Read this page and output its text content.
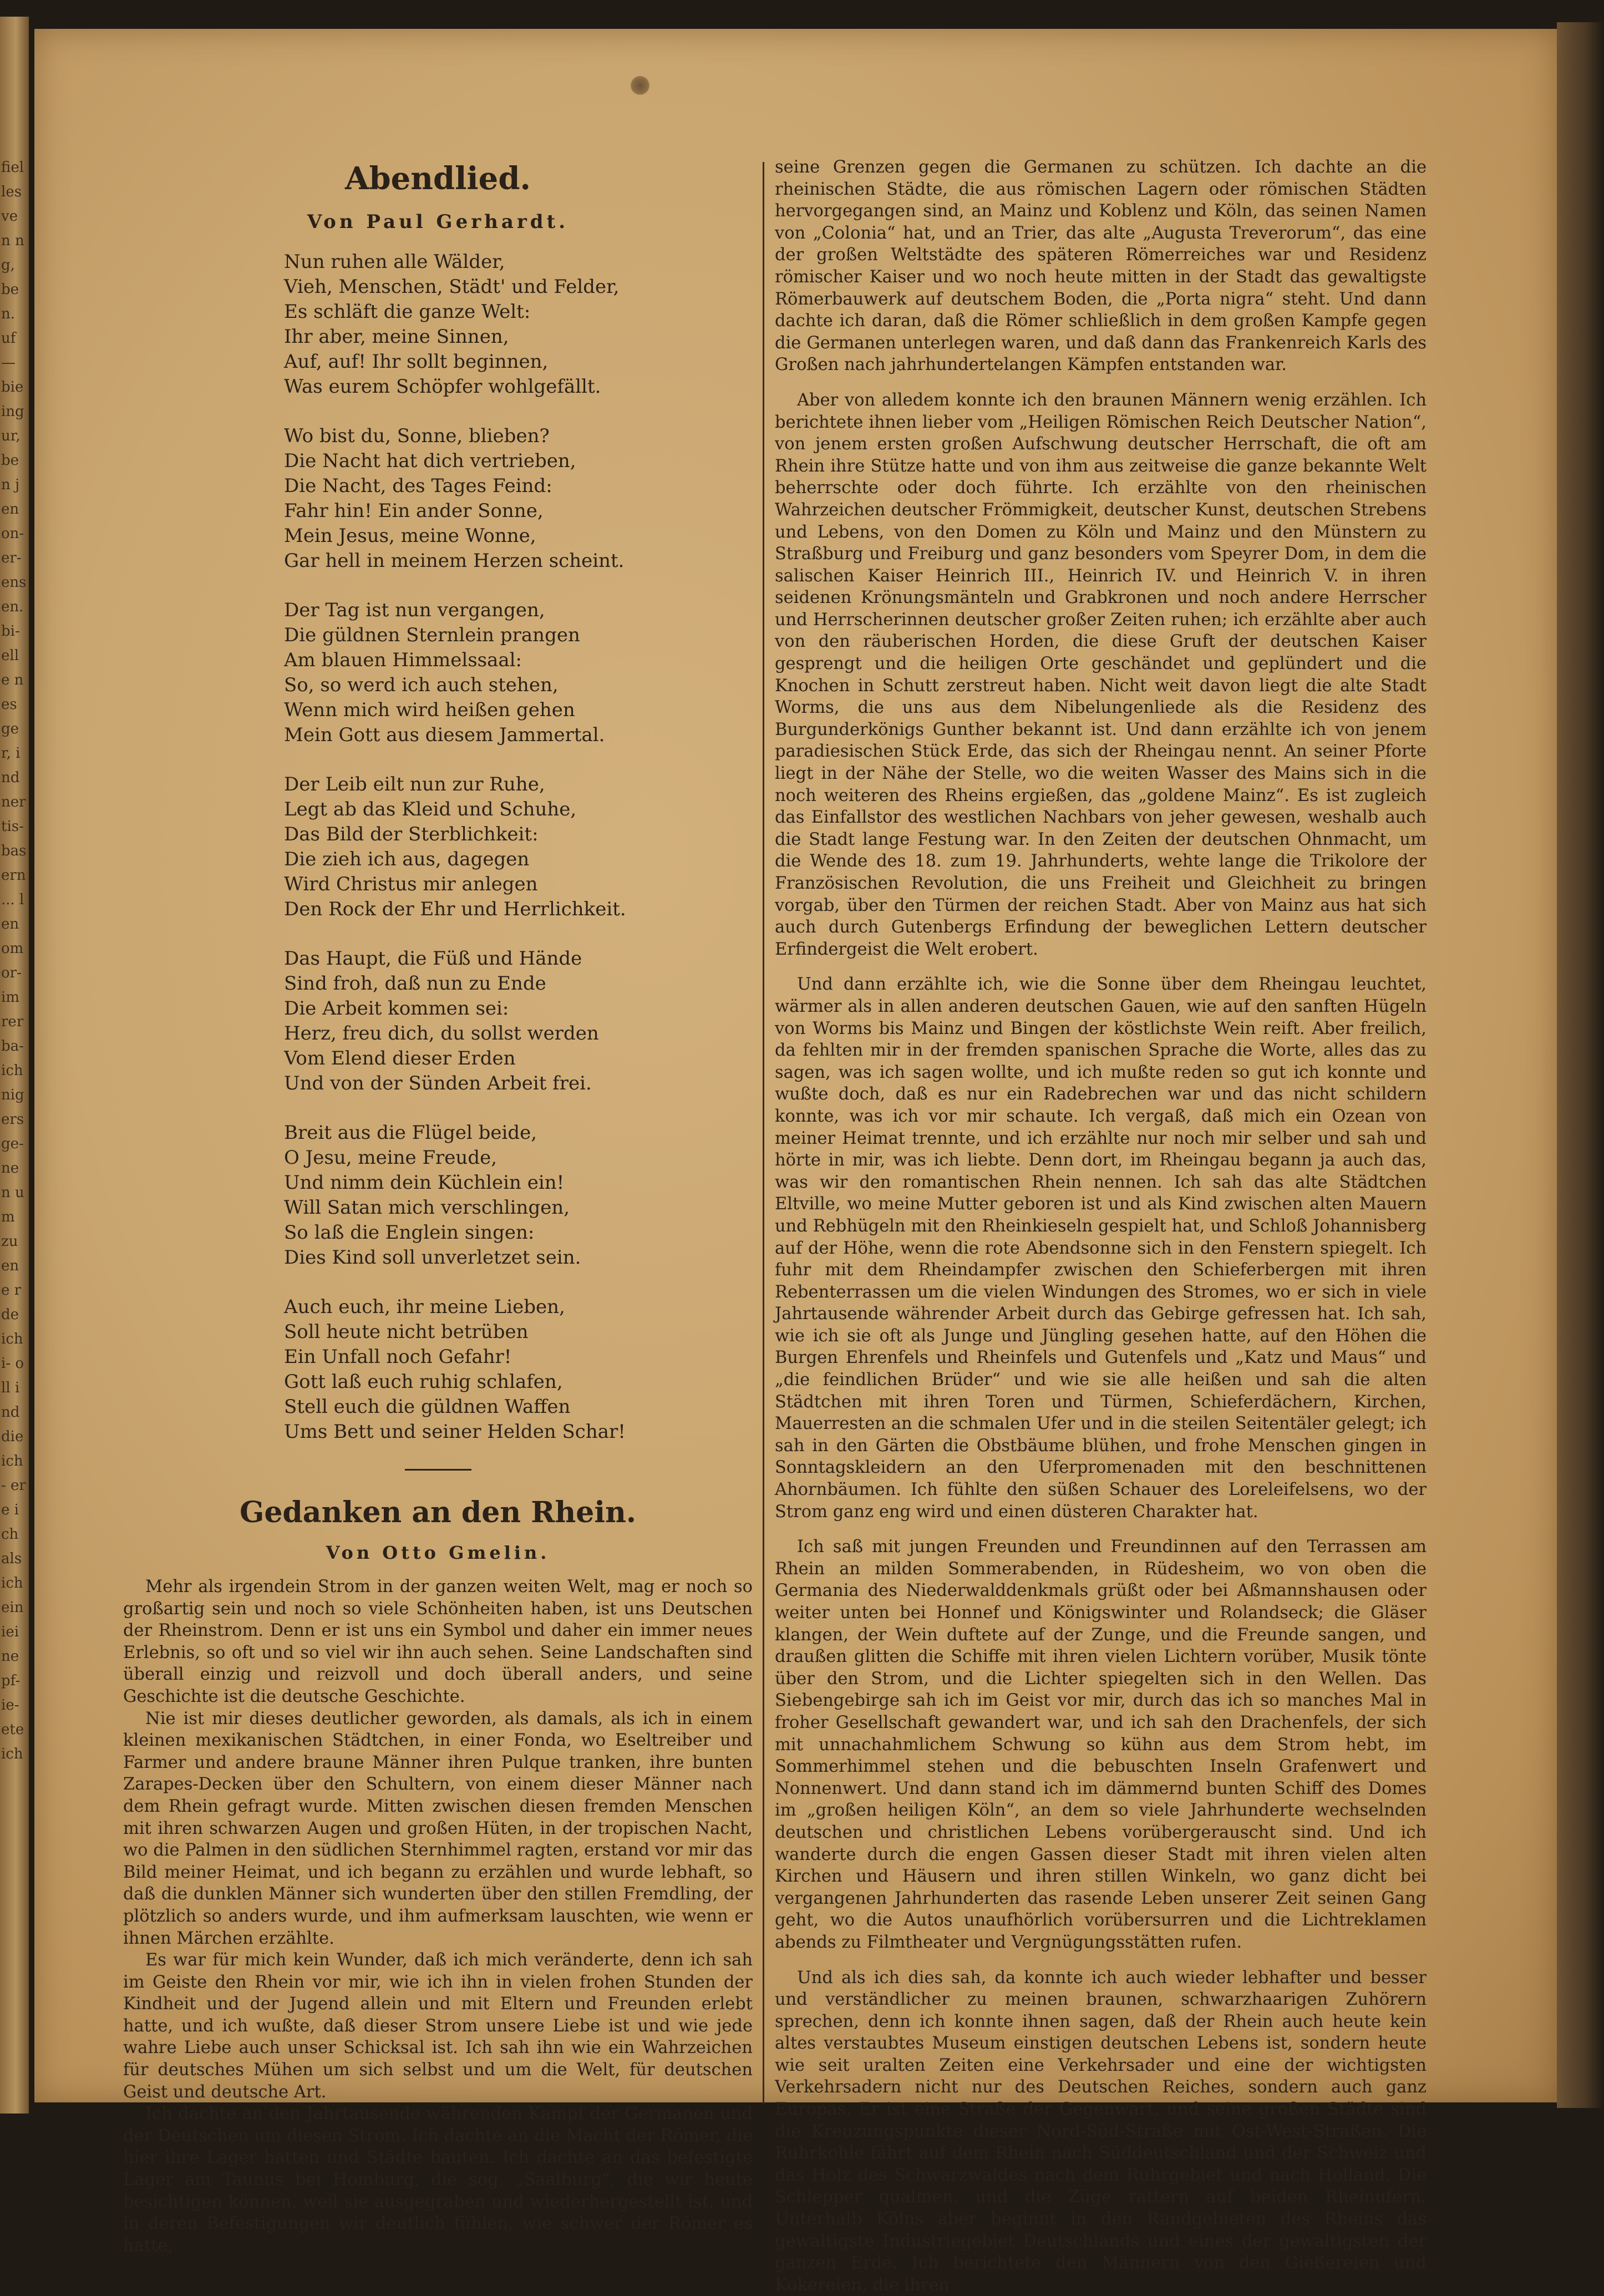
fiel les ven ng, ben. uf— bie ing ur, ben jen on- er- ens en. bi- elle nes ger, ind ner tis- bas ern ... len om or- im rer ba- ich nig ers ge- nen um zu ene rde ichi- oll ind die ich- ere ich als ich ein ieine pf- ie- ete ich
Abendlied.
Von Paul Gerhardt.
Nun ruhen alle Wälder,
Vieh, Menschen, Städt' und Felder,
Es schläft die ganze Welt:
Ihr aber, meine Sinnen,
Auf, auf! Ihr sollt beginnen,
Was eurem Schöpfer wohlgefällt.
Wo bist du, Sonne, blieben?
Die Nacht hat dich vertrieben,
Die Nacht, des Tages Feind:
Fahr hin! Ein ander Sonne,
Mein Jesus, meine Wonne,
Gar hell in meinem Herzen scheint.
Der Tag ist nun vergangen,
Die güldnen Sternlein prangen
Am blauen Himmelssaal:
So, so werd ich auch stehen,
Wenn mich wird heißen gehen
Mein Gott aus diesem Jammertal.
Der Leib eilt nun zur Ruhe,
Legt ab das Kleid und Schuhe,
Das Bild der Sterblichkeit:
Die zieh ich aus, dagegen
Wird Christus mir anlegen
Den Rock der Ehr und Herrlichkeit.
Das Haupt, die Füß und Hände
Sind froh, daß nun zu Ende
Die Arbeit kommen sei:
Herz, freu dich, du sollst werden
Vom Elend dieser Erden
Und von der Sünden Arbeit frei.
Breit aus die Flügel beide,
O Jesu, meine Freude,
Und nimm dein Küchlein ein!
Will Satan mich verschlingen,
So laß die Englein singen:
Dies Kind soll unverletzet sein.
Auch euch, ihr meine Lieben,
Soll heute nicht betrüben
Ein Unfall noch Gefahr!
Gott laß euch ruhig schlafen,
Stell euch die güldnen Waffen
Ums Bett und seiner Helden Schar!
Gedanken an den Rhein.
Von Otto Gmelin.

Mehr als irgendein Strom in der ganzen weiten Welt, mag er noch so großartig sein und noch so viele Schönheiten haben, ist uns Deutschen der Rheinstrom. Denn er ist uns ein Symbol und daher ein immer neues Erlebnis, so oft und so viel wir ihn auch sehen. Seine Landschaften sind überall einzig und reizvoll und doch überall anders, und seine Geschichte ist die deutsche Geschichte.

Nie ist mir dieses deutlicher geworden, als damals, als ich in einem kleinen mexikanischen Städtchen, in einer Fonda, wo Eseltreiber und Farmer und andere braune Männer ihren Pulque tranken, ihre bunten Zarapes-Decken über den Schultern, von einem dieser Männer nach dem Rhein gefragt wurde. Mitten zwischen diesen fremden Menschen mit ihren schwarzen Augen und großen Hüten, in der tropischen Nacht, wo die Palmen in den südlichen Sternhimmel ragten, erstand vor mir das Bild meiner Heimat, und ich begann zu erzählen und wurde lebhaft, so daß die dunklen Männer sich wunderten über den stillen Fremdling, der plötzlich so anders wurde, und ihm aufmerksam lauschten, wie wenn er ihnen Märchen erzählte.

Es war für mich kein Wunder, daß ich mich veränderte, denn ich sah im Geiste den Rhein vor mir, wie ich ihn in vielen frohen Stunden der Kindheit und der Jugend allein und mit Eltern und Freunden erlebt hatte, und ich wußte, daß dieser Strom unsere Liebe ist und wie jede wahre Liebe auch unser Schicksal ist. Ich sah ihn wie ein Wahrzeichen für deutsches Mühen um sich selbst und um die Welt, für deutschen Geist und deutsche Art.

Ich dachte an den Jahrtausende währenden Kampf der Germanen und der Deutschen um diesen Strom. Ich dachte an die Macht der Römer, die hier ihre Lager hatten und Städte bauten. Ich dachte an das befestigte Lager am Taunus bei Homburg, die sog. „Saalburg“, die wir heute besichtigen können, weil sie ausgegraben und wiederhergestellt ist, und in deren Befestigungen wir deutlich fühlen, wie schwer der Römer es hatte,

seine Grenzen gegen die Germanen zu schützen. Ich dachte an die rheinischen Städte, die aus römischen Lagern oder römischen Städten hervorgegangen sind, an Mainz und Koblenz und Köln, das seinen Namen von „Colonia“ hat, und an Trier, das alte „Augusta Treverorum“, das eine der großen Weltstädte des späteren Römerreiches war und Residenz römischer Kaiser und wo noch heute mitten in der Stadt das gewaltigste Römerbauwerk auf deutschem Boden, die „Porta nigra“ steht. Und dann dachte ich daran, daß die Römer schließlich in dem großen Kampfe gegen die Germanen unterlegen waren, und daß dann das Frankenreich Karls des Großen nach jahrhundertelangen Kämpfen entstanden war.

Aber von alledem konnte ich den braunen Männern wenig erzählen. Ich berichtete ihnen lieber vom „Heiligen Römischen Reich Deutscher Nation“, von jenem ersten großen Aufschwung deutscher Herrschaft, die oft am Rhein ihre Stütze hatte und von ihm aus zeitweise die ganze bekannte Welt beherrschte oder doch führte. Ich erzählte von den rheinischen Wahrzeichen deutscher Frömmigkeit, deutscher Kunst, deutschen Strebens und Lebens, von den Domen zu Köln und Mainz und den Münstern zu Straßburg und Freiburg und ganz besonders vom Speyrer Dom, in dem die salischen Kaiser Heinrich III., Heinrich IV. und Heinrich V. in ihren seidenen Krönungsmänteln und Grabkronen und noch andere Herrscher und Herrscherinnen deutscher großer Zeiten ruhen; ich erzählte aber auch von den räuberischen Horden, die diese Gruft der deutschen Kaiser gesprengt und die heiligen Orte geschändet und geplündert und die Knochen in Schutt zerstreut haben. Nicht weit davon liegt die alte Stadt Worms, die uns aus dem Nibelungenliede als die Residenz des Burgunderkönigs Gunther bekannt ist. Und dann erzählte ich von jenem paradiesischen Stück Erde, das sich der Rheingau nennt. An seiner Pforte liegt in der Nähe der Stelle, wo die weiten Wasser des Mains sich in die noch weiteren des Rheins ergießen, das „goldene Mainz“. Es ist zugleich das Einfallstor des westlichen Nachbars von jeher gewesen, weshalb auch die Stadt lange Festung war. In den Zeiten der deutschen Ohnmacht, um die Wende des 18. zum 19. Jahrhunderts, wehte lange die Trikolore der Französischen Revolution, die uns Freiheit und Gleichheit zu bringen vorgab, über den Türmen der reichen Stadt. Aber von Mainz aus hat sich auch durch Gutenbergs Erfindung der beweglichen Lettern deutscher Erfindergeist die Welt erobert.

Und dann erzählte ich, wie die Sonne über dem Rheingau leuchtet, wärmer als in allen anderen deutschen Gauen, wie auf den sanften Hügeln von Worms bis Mainz und Bingen der köstlichste Wein reift. Aber freilich, da fehlten mir in der fremden spanischen Sprache die Worte, alles das zu sagen, was ich sagen wollte, und ich mußte reden so gut ich konnte und wußte doch, daß es nur ein Radebrechen war und das nicht schildern konnte, was ich vor mir schaute. Ich vergaß, daß mich ein Ozean von meiner Heimat trennte, und ich erzählte nur noch mir selber und sah und hörte in mir, was ich liebte. Denn dort, im Rheingau begann ja auch das, was wir den romantischen Rhein nennen. Ich sah das alte Städtchen Eltville, wo meine Mutter geboren ist und als Kind zwischen alten Mauern und Rebhügeln mit den Rheinkieseln gespielt hat, und Schloß Johannisberg auf der Höhe, wenn die rote Abendsonne sich in den Fenstern spiegelt. Ich fuhr mit dem Rheindampfer zwischen den Schieferbergen mit ihren Rebenterrassen um die vielen Windungen des Stromes, wo er sich in viele Jahrtausende währender Arbeit durch das Gebirge gefressen hat. Ich sah, wie ich sie oft als Junge und Jüngling gesehen hatte, auf den Höhen die Burgen Ehrenfels und Rheinfels und Gutenfels und „Katz und Maus“ und „die feindlichen Brüder“ und wie sie alle heißen und sah die alten Städtchen mit ihren Toren und Türmen, Schieferdächern, Kirchen, Mauerresten an die schmalen Ufer und in die steilen Seitentäler gelegt; ich sah in den Gärten die Obstbäume blühen, und frohe Menschen gingen in Sonntagskleidern an den Uferpromenaden mit den beschnittenen Ahornbäumen. Ich fühlte den süßen Schauer des Loreleifelsens, wo der Strom ganz eng wird und einen düsteren Charakter hat.

Ich saß mit jungen Freunden und Freundinnen auf den Terrassen am Rhein an milden Sommerabenden, in Rüdesheim, wo von oben die Germania des Niederwalddenkmals grüßt oder bei Aßmannshausen oder weiter unten bei Honnef und Königswinter und Rolandseck; die Gläser klangen, der Wein duftete auf der Zunge, und die Freunde sangen, und draußen glitten die Schiffe mit ihren vielen Lichtern vorüber, Musik tönte über den Strom, und die Lichter spiegelten sich in den Wellen. Das Siebengebirge sah ich im Geist vor mir, durch das ich so manches Mal in froher Gesellschaft gewandert war, und ich sah den Drachenfels, der sich mit unnachahmlichem Schwung so kühn aus dem Strom hebt, im Sommerhimmel stehen und die bebuschten Inseln Grafenwert und Nonnenwert. Und dann stand ich im dämmernd bunten Schiff des Domes im „großen heiligen Köln“, an dem so viele Jahrhunderte wechselnden deutschen und christlichen Lebens vorübergerauscht sind. Und ich wanderte durch die engen Gassen dieser Stadt mit ihren vielen alten Kirchen und Häusern und ihren stillen Winkeln, wo ganz dicht bei vergangenen Jahrhunderten das rasende Leben unserer Zeit seinen Gang geht, wo die Autos unaufhörlich vorübersurren und die Lichtreklamen abends zu Filmtheater und Vergnügungsstätten rufen.

Und als ich dies sah, da konnte ich auch wieder lebhafter und besser und verständlicher zu meinen braunen, schwarzhaarigen Zuhörern sprechen, denn ich konnte ihnen sagen, daß der Rhein auch heute kein altes verstaubtes Museum einstigen deutschen Lebens ist, sondern heute wie seit uralten Zeiten eine Verkehrsader und eine der wichtigsten Verkehrsadern nicht nur des Deutschen Reiches, sondern auch ganz Europas. Er ist eine Straße der Gegenwart, und seine großen Städte sind die Kreuzungspunkte dieser Nord-Süd-Straße mit Ost-West-Straßen. Die Ruhrkohle fährt auf dem Rhein nach Süddeutschland und der Schweiz und das Holz des Schwarzwaldes nach dem Ruhrgebiet und nach Holland. Die Schlepper qualmen, und die Züge rattern auf beiden Rheinufern. Unterhalb Kölns aber beginnt in den Randgebieten des Rheins das gewaltigste Industriegebiet Deutschlands und eines der gewaltigsten der ganzen Erde. Ich berichtete den Männern von den Gießereien und Kokereien, die ihren
